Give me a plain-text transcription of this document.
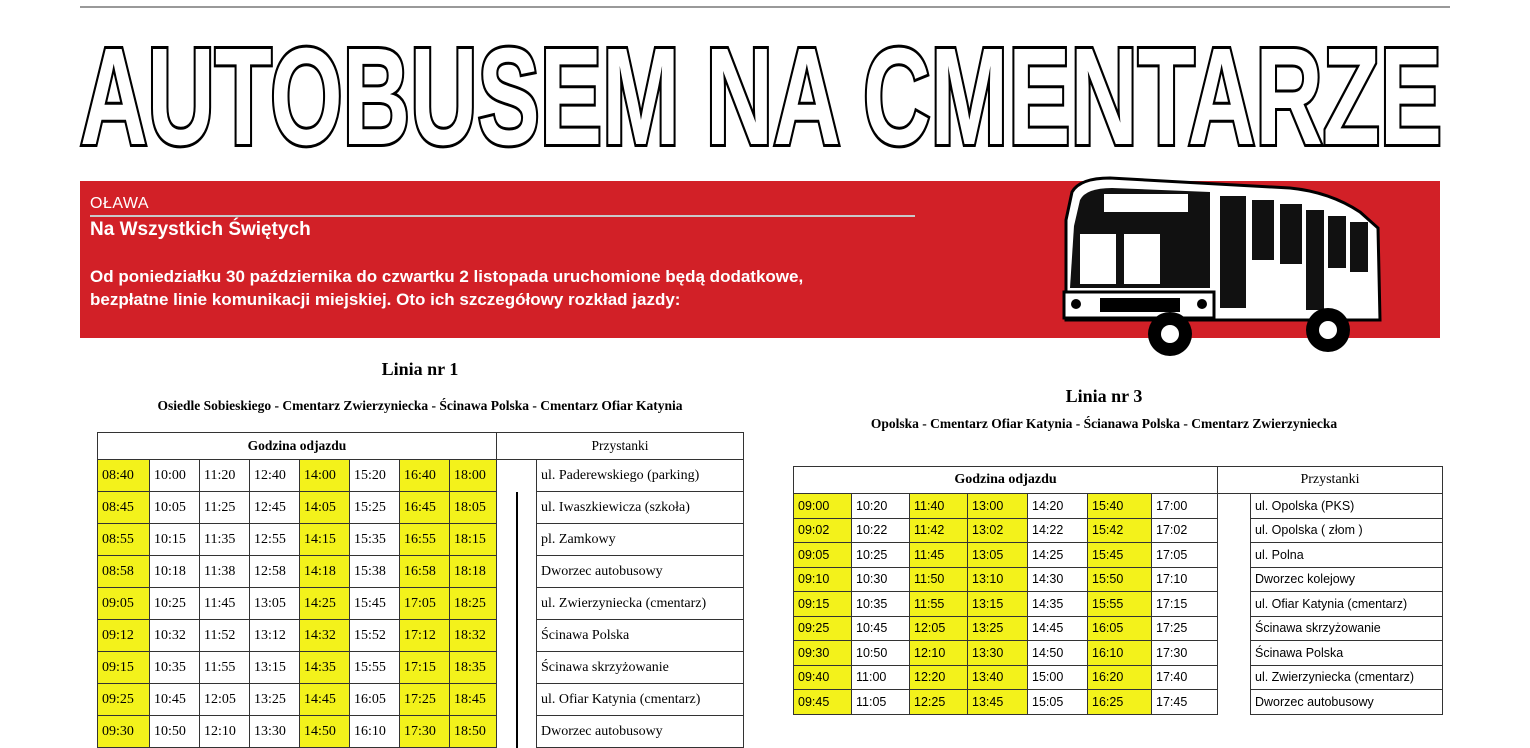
AUTOBUSEM NA CMENTARZE
OŁAWA
Na Wszystkich Świętych
Od poniedziałku 30 października do czwartku 2 listopada uruchomione będą dodatkowe,
bezpłatne linie komunikacji miejskiej. Oto ich szczegółowy rozkład jazdy:
Linia nr 1
Osiedle Sobieskiego - Cmentarz Zwierzyniecka - Ścinawa Polska - Cmentarz Ofiar Katynia
Godzina odjazdu								Przystanki	
08:40	10:00	11:20	12:40	14:00	15:20	16:40	18:00		ul. Paderewskiego (parking)
08:45	10:05	11:25	12:45	14:05	15:25	16:45	18:05		ul. Iwaszkiewicza (szkoła)
08:55	10:15	11:35	12:55	14:15	15:35	16:55	18:15		pl. Zamkowy
08:58	10:18	11:38	12:58	14:18	15:38	16:58	18:18		Dworzec autobusowy
09:05	10:25	11:45	13:05	14:25	15:45	17:05	18:25		ul. Zwierzyniecka (cmentarz)
09:12	10:32	11:52	13:12	14:32	15:52	17:12	18:32		Ścinawa Polska
09:15	10:35	11:55	13:15	14:35	15:55	17:15	18:35		Ścinawa skrzyżowanie
09:25	10:45	12:05	13:25	14:45	16:05	17:25	18:45		ul. Ofiar Katynia (cmentarz)
09:30	10:50	12:10	13:30	14:50	16:10	17:30	18:50		Dworzec autobusowy
Linia nr 3
Opolska - Cmentarz Ofiar Katynia - Ścianawa Polska - Cmentarz Zwierzyniecka
Godzina odjazdu							Przystanki	
09:00	10:20	11:40	13:00	14:20	15:40	17:00		ul. Opolska (PKS)
09:02	10:22	11:42	13:02	14:22	15:42	17:02		ul. Opolska ( złom )
09:05	10:25	11:45	13:05	14:25	15:45	17:05		ul. Polna
09:10	10:30	11:50	13:10	14:30	15:50	17:10		Dworzec kolejowy
09:15	10:35	11:55	13:15	14:35	15:55	17:15		ul. Ofiar Katynia (cmentarz)
09:25	10:45	12:05	13:25	14:45	16:05	17:25		Ścinawa skrzyżowanie
09:30	10:50	12:10	13:30	14:50	16:10	17:30		Ścinawa Polska
09:40	11:00	12:20	13:40	15:00	16:20	17:40		ul. Zwierzyniecka (cmentarz)
09:45	11:05	12:25	13:45	15:05	16:25	17:45		Dworzec autobusowy
